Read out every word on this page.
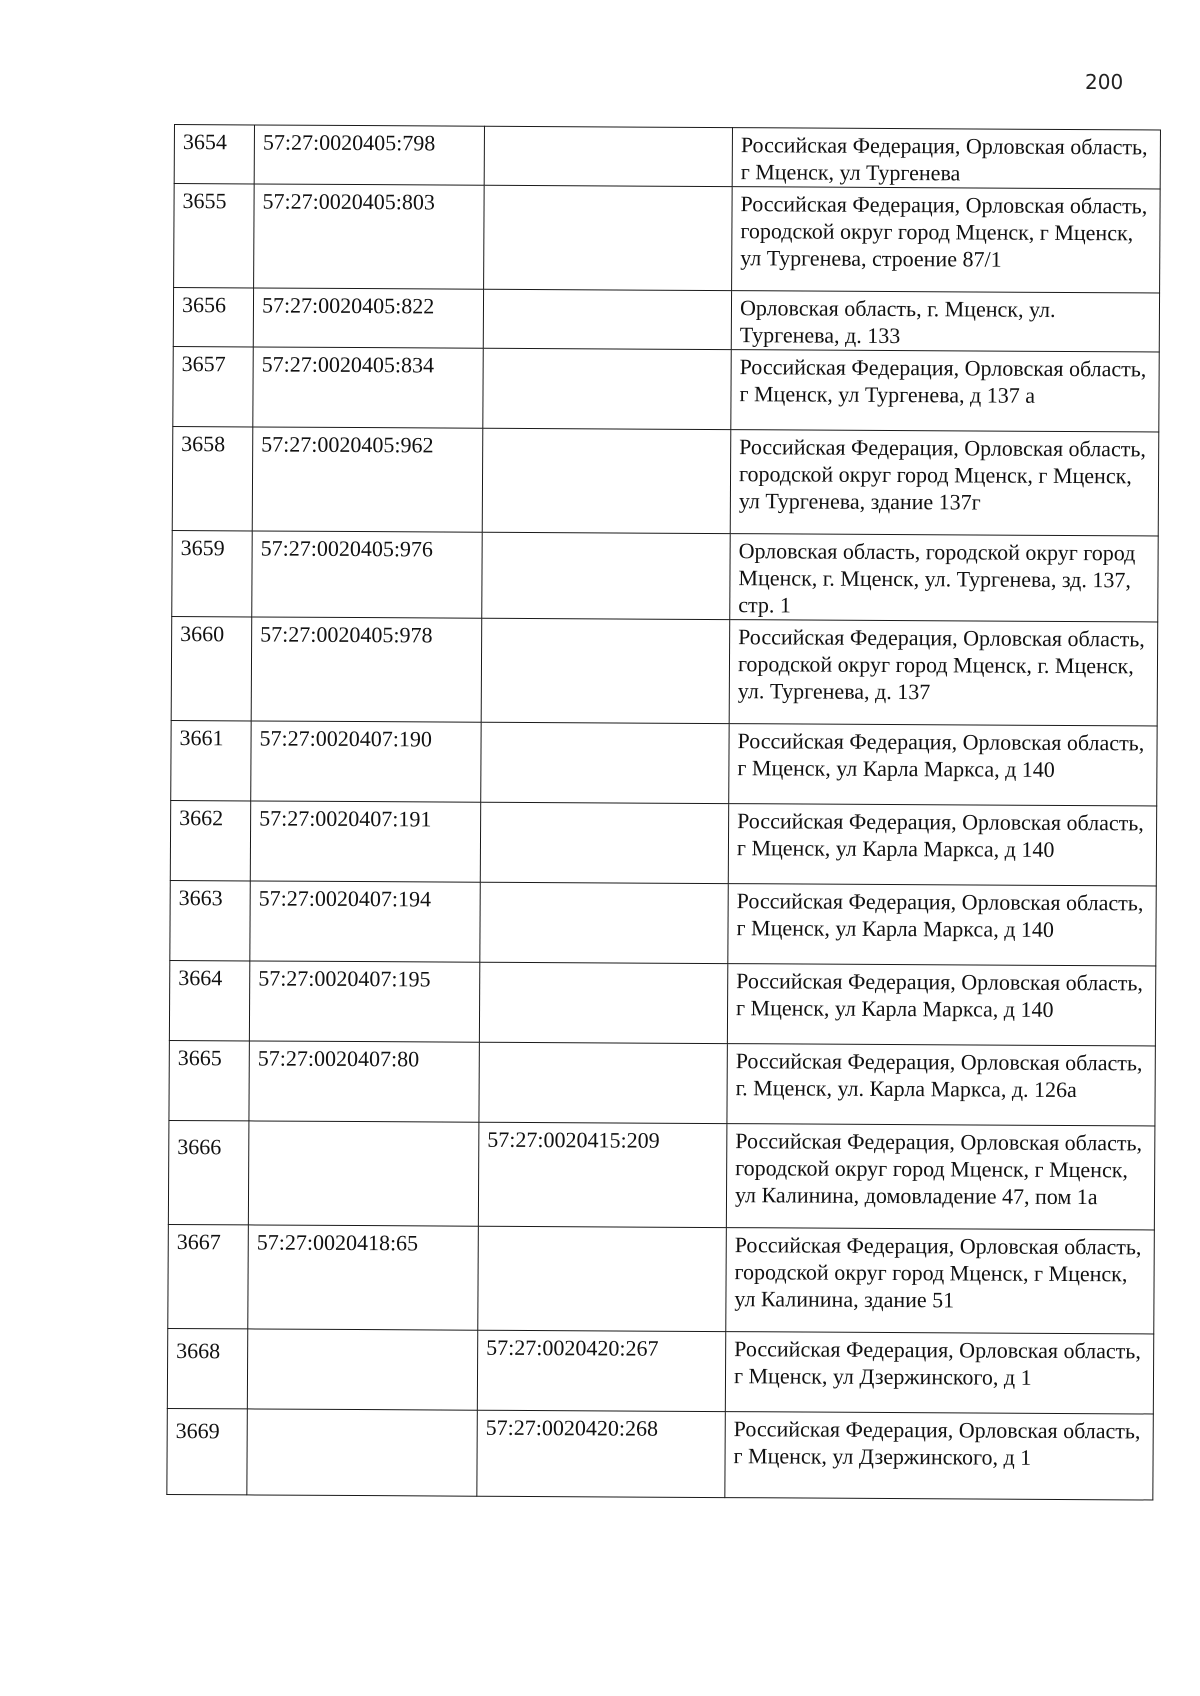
200
3654	57:27:0020405:798		Российская Федерация, Орловская область, г Мценск, ул Тургенева
3655	57:27:0020405:803		Российская Федерация, Орловская область, городской округ город Мценск, г Мценск, ул Тургенева, строение 87/1
3656	57:27:0020405:822		Орловская область, г. Мценск, ул. Тургенева, д. 133
3657	57:27:0020405:834		Российская Федерация, Орловская область, г Мценск, ул Тургенева, д 137 а
3658	57:27:0020405:962		Российская Федерация, Орловская область, городской округ город Мценск, г Мценск, ул Тургенева, здание 137г
3659	57:27:0020405:976		Орловская область, городской округ город Мценск, г. Мценск, ул. Тургенева, зд. 137, стр. 1
3660	57:27:0020405:978		Российская Федерация, Орловская область, городской округ город Мценск, г. Мценск, ул. Тургенева, д. 137
3661	57:27:0020407:190		Российская Федерация, Орловская область, г Мценск, ул Карла Маркса, д 140
3662	57:27:0020407:191		Российская Федерация, Орловская область, г Мценск, ул Карла Маркса, д 140
3663	57:27:0020407:194		Российская Федерация, Орловская область, г Мценск, ул Карла Маркса, д 140
3664	57:27:0020407:195		Российская Федерация, Орловская область, г Мценск, ул Карла Маркса, д 140
3665	57:27:0020407:80		Российская Федерация, Орловская область, г. Мценск, ул. Карла Маркса, д. 126а
3666		57:27:0020415:209	Российская Федерация, Орловская область, городской округ город Мценск, г Мценск, ул Калинина, домовладение 47, пом 1а
3667	57:27:0020418:65		Российская Федерация, Орловская область, городской округ город Мценск, г Мценск, ул Калинина, здание 51
3668		57:27:0020420:267	Российская Федерация, Орловская область, г Мценск, ул Дзержинского, д 1
3669		57:27:0020420:268	Российская Федерация, Орловская область, г Мценск, ул Дзержинского, д 1
